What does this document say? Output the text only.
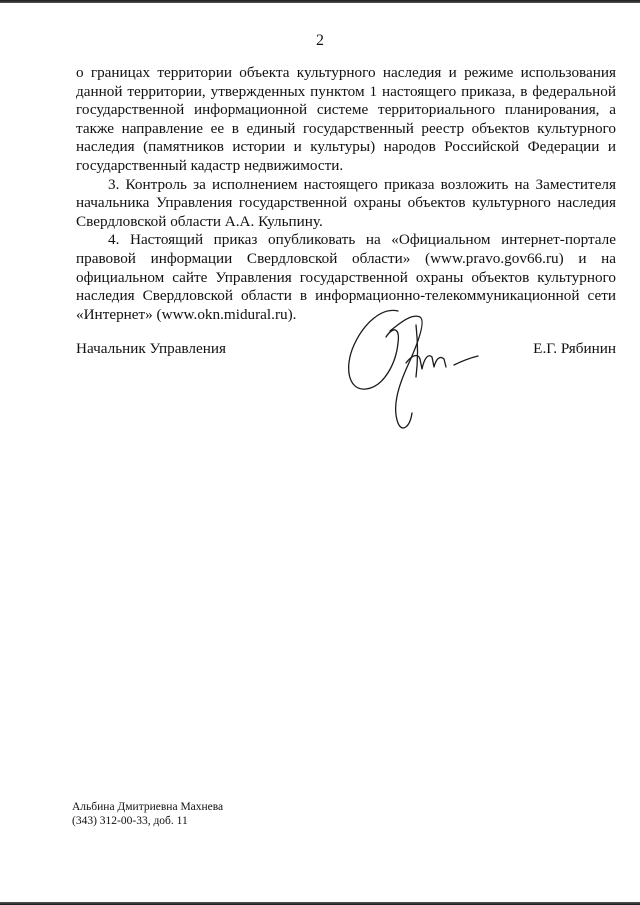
2

о границах территории объекта культурного наследия и режиме использования данной территории, утвержденных пунктом 1 настоящего приказа, в федеральной государственной информационной системе территориального планирования, а также направление ее в единый государственный реестр объектов культурного наследия (памятников истории и культуры) народов Российской Федерации и государственный кадастр недвижимости.

3. Контроль за исполнением настоящего приказа возложить на Заместителя начальника Управления государственной охраны объектов культурного наследия Свердловской области А.А. Кульпину.

4. Настоящий приказ опубликовать на «Официальном интернет-портале правовой информации Свердловской области» (www.pravo.gov66.ru) и на официальном сайте Управления государственной охраны объектов культурного наследия Свердловской области в информационно-телекоммуникационной сети «Интернет» (www.okn.midural.ru).

Начальник Управления	Е.Г. Рябинин
Альбина Дмитриевна Махнева
(343) 312-00-33, доб. 11
